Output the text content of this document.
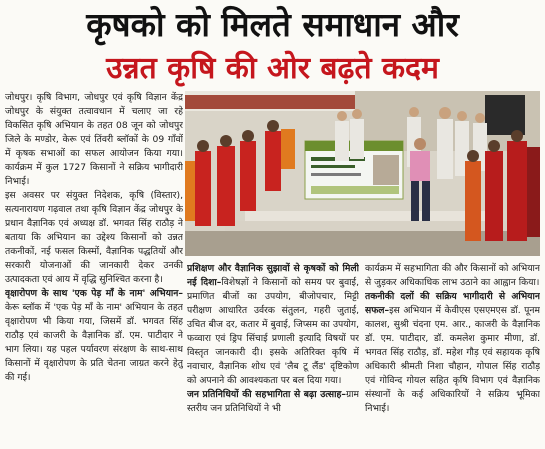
कृषको को मिलते समाधान और
उन्नत कृषि की ओर बढ़ते कदम

जोधपुर। कृषि विभाग, जोधपुर एवं कृषि विज्ञान केंद्र जोधपुर के संयुक्त तत्वावधान में चलाए जा रहे विकसित कृषि अभियान के तहत 08 जून को जोधपुर जिले के मण्डोर, केरू एवं तिंवरी ब्लॉकों के 09 गाँवों में कृषक सभाओं का सफल आयोजन किया गया। कार्यक्रम में कुल 1727 किसानों ने सक्रिय भागीदारी निभाई।

इस अवसर पर संयुक्त निदेशक, कृषि (विस्तार), सत्यनारायण गढ़वाल तथा कृषि विज्ञान केंद्र जोधपुर के प्रधान वैज्ञानिक एवं अध्यक्ष डॉ. भगवत सिंह राठौड़ ने बताया कि अभियान का उद्देश्य किसानों को उन्नत तकनीकों, नई फसल किस्मों, वैज्ञानिक पद्धतियों और सरकारी योजनाओं की जानकारी देकर उनकी उत्पादकता एवं आय में वृद्धि सुनिश्चित करना है।

वृक्षारोपण के साथ 'एक पेड़ माँ के नाम' अभियान–केरू ब्लॉक में 'एक पेड़ माँ के नाम' अभियान के तहत वृक्षारोपण भी किया गया, जिसमें डॉ. भगवत सिंह राठौड़ एवं काजरी के वैज्ञानिक डॉ. एम. पाटीदार ने भाग लिया। यह पहल पर्यावरण संरक्षण के साथ-साथ किसानों में वृक्षारोपण के प्रति चेतना जाग्रत करने हेतु की गई।

प्रशिक्षण और वैज्ञानिक सुझावों से कृषकों को मिली नई दिशा–विशेषज्ञों ने किसानों को समय पर बुवाई, प्रमाणित बीजों का उपयोग, बीजोपचार, मिट्टी परीक्षण आधारित उर्वरक संतुलन, गहरी जुताई, उचित बीज दर, कतार में बुवाई, जिप्सम का उपयोग, फव्वारा एवं ड्रिप सिंचाई प्रणाली इत्यादि विषयों पर विस्तृत जानकारी दी। इसके अतिरिक्त कृषि में नवाचार, वैज्ञानिक शोध एवं 'लैब टू लैंड' दृष्टिकोण को अपनाने की आवश्यकता पर बल दिया गया।

जन प्रतिनिधियों की सहभागिता से बढ़ा उत्साह–ग्राम स्तरीय जन प्रतिनिधियों ने भी

कार्यक्रम में सहभागिता की और किसानों को अभियान से जुड़कर अधिकाधिक लाभ उठाने का आह्वान किया।

तकनीकी दलों की सक्रिय भागीदारी से अभियान सफल–इस अभियान में केवीएस एसएमएस डॉ. पूनम कालश, सुश्री चंदना एम. आर., काजरी के वैज्ञानिक डॉ. एम. पाटीदार, डॉ. कमलेश कुमार मीणा, डॉ. भगवत सिंह राठौड़, डॉ. महेश गौड़ एवं सहायक कृषि अधिकारी श्रीमती निशा चौहान, गोपाल सिंह राठौड़ एवं गोविन्द गोयल सहित कृषि विभाग एवं वैज्ञानिक संस्थानों के कई अधिकारियों ने सक्रिय भूमिका निभाई।
